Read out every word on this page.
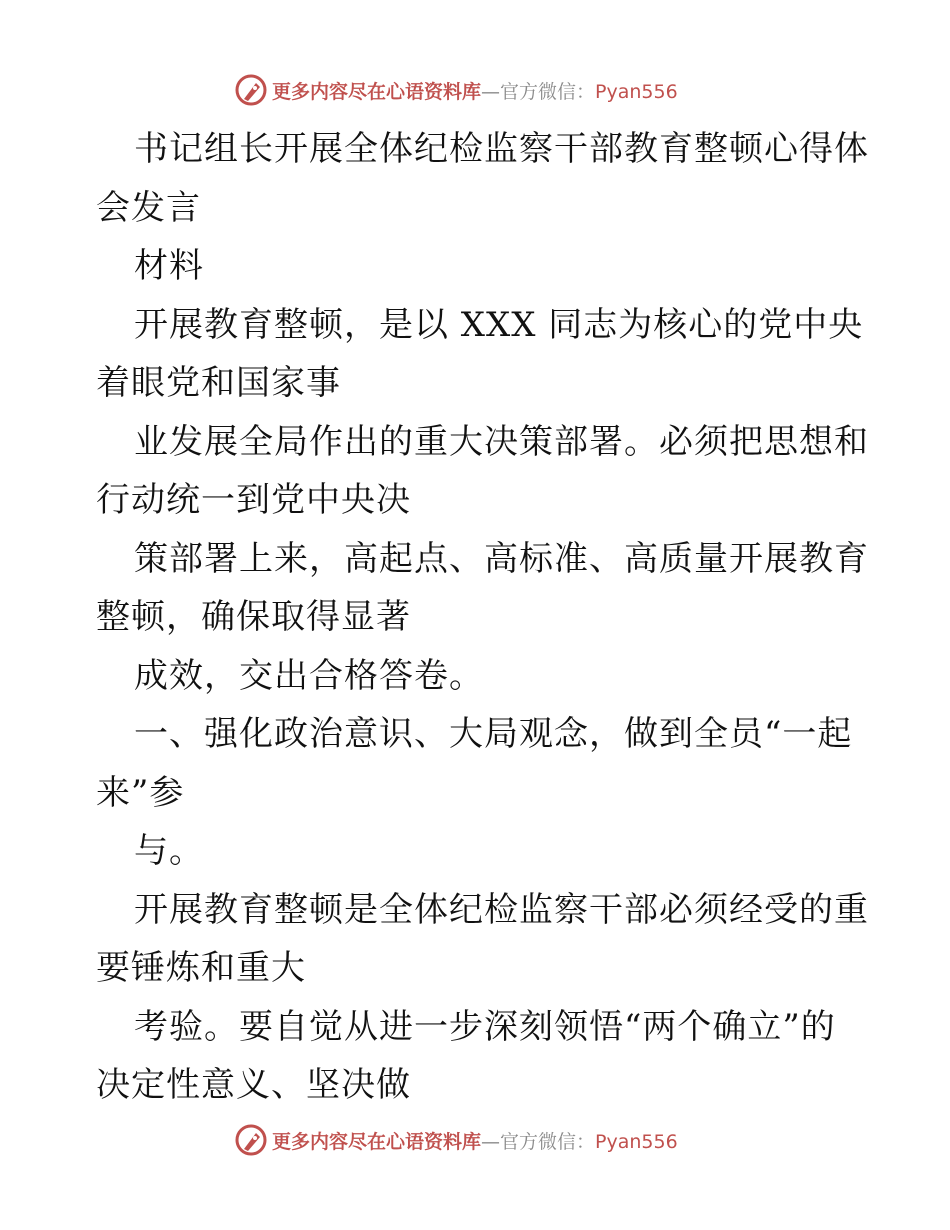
更多内容尽在心语资料库—官方微信：Pyan556
书记组长开展全体纪检监察干部教育整顿心得体
会发言
材料
开展教育整顿，是以 XXX 同志为核心的党中央
着眼党和国家事
业发展全局作出的重大决策部署。必须把思想和
行动统一到党中央决
策部署上来，高起点、高标准、高质量开展教育
整顿，确保取得显著
成效，交出合格答卷。
一、强化政治意识、大局观念，做到全员“一起
来”参
与。
开展教育整顿是全体纪检监察干部必须经受的重
要锤炼和重大
考验。要自觉从进一步深刻领悟“两个确立”的
决定性意义、坚决做
更多内容尽在心语资料库—官方微信：Pyan556
